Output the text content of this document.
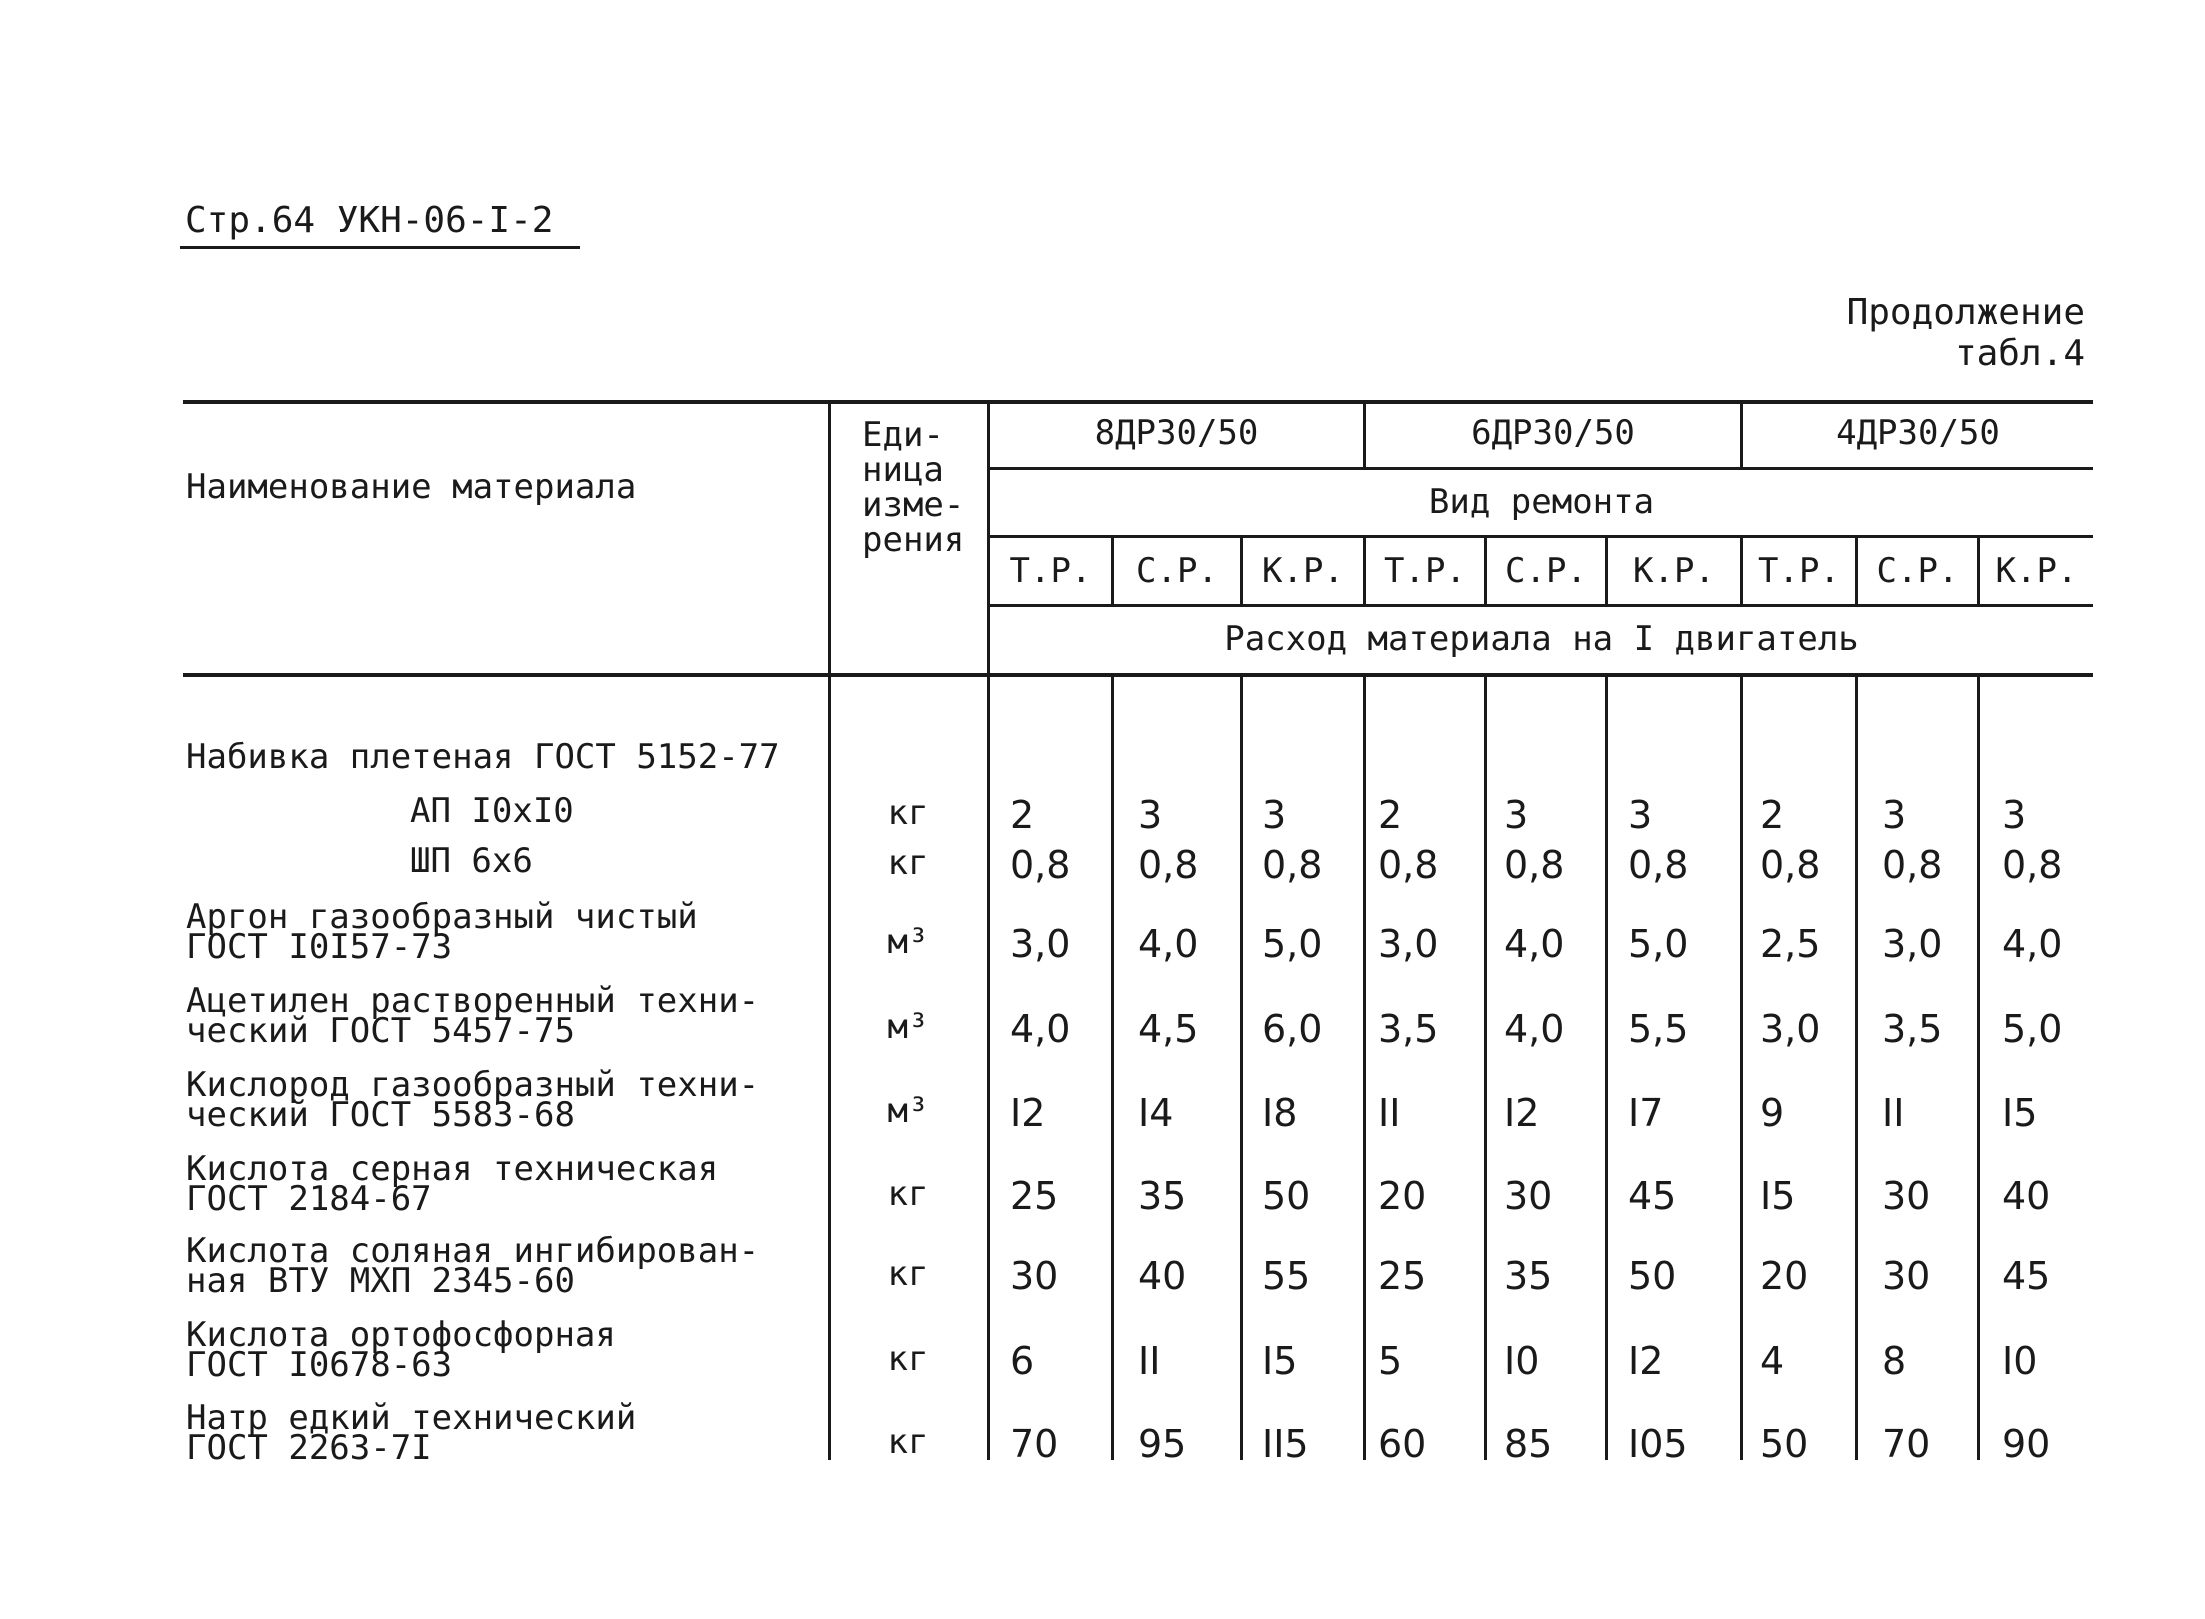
Стр.64 УКН-06-I-2
Продолжение табл.4
Наименование материала
Еди-
ница
изме-
рения
8ДР30/50	6ДР30/50	4ДР30/50
Вид ремонта
Т.Р.	С.Р.	К.Р.	Т.Р.	С.Р.	К.Р.	Т.Р.	С.Р.	К.Р.
Расход материала на I двигатель
Набивка плетеная ГОСТ 5152-77
АП I0хI0	кг	2	3	3 2	3	3	2	3	3
ШП 6х6	кг	0,8 0,8 0,8 0,8 0,8 0,8 0,8 0,8 0,8
Аргон газообразный чистый
ГОСТ I0I57-73	м³	3,0 4,0 5,0 3,0 4,0 5,0 2,5 3,0 4,0
Ацетилен растворенный техни-
ческий ГОСТ 5457-75	м³	4,0 4,5 6,0 3,5 4,0 5,5 3,0 3,5 5,0
Кислород газообразный техни-
ческий ГОСТ 5583-68	м³	I2 I4 I8 II	I2 I7	9	II	I5
Кислота серная техническая
ГОСТ 2184-67	кг	25 35 50 20 30 45 I5 30 40
Кислота соляная ингибирован-
ная ВТУ МХП 2345-60	кг	30 40 55 25 35 50 20 30 45
Кислота ортофосфорная
ГОСТ I0678-63	кг	6	II	I5 5	I0 I2	4	8	I0
Натр едкий технический
ГОСТ 2263-7I	кг	70 95 II5 60 85 I05 50 70 90
